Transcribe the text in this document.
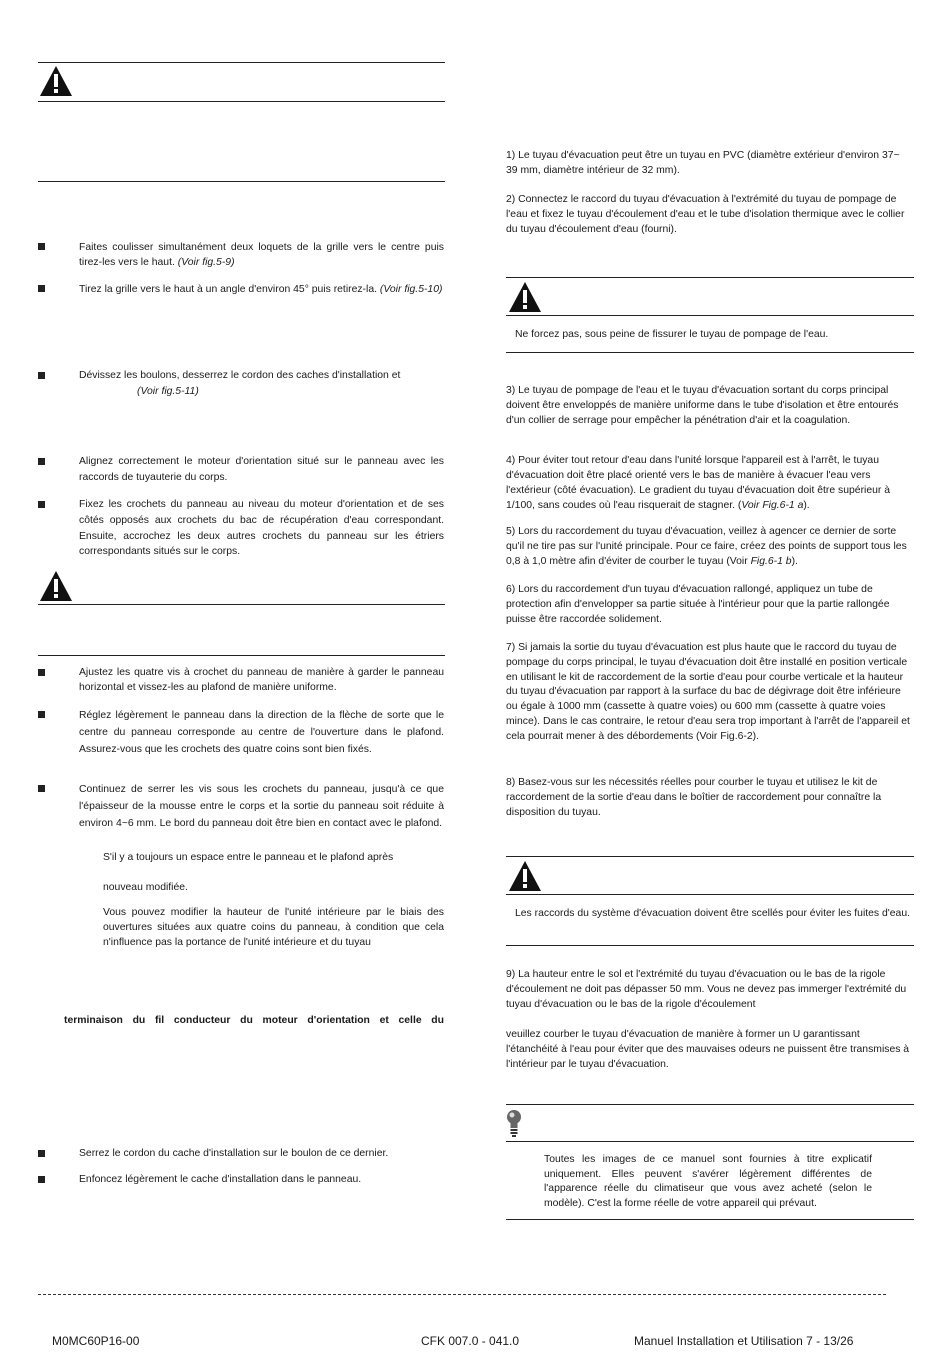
Faites coulisser simultanément deux loquets de la grille vers le centre puis tirez-les vers le haut. (Voir fig.5-9)
Tirez la grille vers le haut à un angle d'environ 45° puis retirez-la. (Voir fig.5-10)
Dévissez les boulons, desserrez le cordon des caches d'installation et
(Voir fig.5-11)
Alignez correctement le moteur d'orientation situé sur le panneau avec les raccords de tuyauterie du corps.
Fixez les crochets du panneau au niveau du moteur d'orientation et de ses côtés opposés aux crochets du bac de récupération d'eau correspondant. Ensuite, accrochez les deux autres crochets du panneau sur les étriers correspondants situés sur le corps.
Ajustez les quatre vis à crochet du panneau de manière à garder le panneau horizontal et vissez-les au plafond de manière uniforme.
Réglez légèrement le panneau dans la direction de la flèche de sorte que le centre du panneau corresponde au centre de l'ouverture dans le plafond. Assurez-vous que les crochets des quatre coins sont bien fixés.
Continuez de serrer les vis sous les crochets du panneau, jusqu'à ce que l'épaisseur de la mousse entre le corps et la sortie du panneau soit réduite à environ 4~6 mm. Le bord du panneau doit être bien en contact avec le plafond.
S'il y a toujours un espace entre le panneau et le plafond après
nouveau modifiée.
Vous pouvez modifier la hauteur de l'unité intérieure par le biais des ouvertures situées aux quatre coins du panneau, à condition que cela n'influence pas la portance de l'unité intérieure et du tuyau
terminaison du fil conducteur du moteur d'orientation et celle du
Serrez le cordon du cache d'installation sur le boulon de ce dernier.
Enfoncez légèrement le cache d'installation dans le panneau.
1) Le tuyau d'évacuation peut être un tuyau en PVC (diamètre extérieur d'environ 37~ 39 mm, diamètre intérieur de 32 mm).
2) Connectez le raccord du tuyau d'évacuation à l'extrémité du tuyau de pompage de l'eau et fixez le tuyau d'écoulement d'eau et le tube d'isolation thermique avec le collier du tuyau d'écoulement d'eau (fourni).
Ne forcez pas, sous peine de fissurer le tuyau de pompage de l'eau.
3) Le tuyau de pompage de l'eau et le tuyau d'évacuation sortant du corps principal doivent être enveloppés de manière uniforme dans le tube d'isolation et être entourés d'un collier de serrage pour empêcher la pénétration d'air et la coagulation.
4) Pour éviter tout retour d'eau dans l'unité lorsque l'appareil est à l'arrêt, le tuyau d'évacuation doit être placé orienté vers le bas de manière à évacuer l'eau vers l'extérieur (côté évacuation). Le gradient du tuyau d'évacuation doit être supérieur à 1/100, sans coudes où l'eau risquerait de stagner. (Voir Fig.6-1 a).
5) Lors du raccordement du tuyau d'évacuation, veillez à agencer ce dernier de sorte qu'il ne tire pas sur l'unité principale. Pour ce faire, créez des points de support tous les 0,8 à 1,0 mètre afin d'éviter de courber le tuyau (Voir Fig.6-1 b).
6) Lors du raccordement d'un tuyau d'évacuation rallongé, appliquez un tube de protection afin d'envelopper sa partie située à l'intérieur pour que la partie rallongée puisse être raccordée solidement.
7) Si jamais la sortie du tuyau d'évacuation est plus haute que le raccord du tuyau de pompage du corps principal, le tuyau d'évacuation doit être installé en position verticale en utilisant le kit de raccordement de la sortie d'eau pour courbe verticale et la hauteur du tuyau d'évacuation par rapport à la surface du bac de dégivrage doit être inférieure ou égale à 1000 mm (cassette à quatre voies) ou 600 mm (cassette à quatre voies mince). Dans le cas contraire, le retour d'eau sera trop important à l'arrêt de l'appareil et cela pourrait mener à des débordements (Voir Fig.6-2).
8) Basez-vous sur les nécessités réelles pour courber le tuyau et utilisez le kit de raccordement de la sortie d'eau dans le boîtier de raccordement pour connaître la disposition du tuyau.
Les raccords du système d'évacuation doivent être scellés pour éviter les fuites d'eau.
9) La hauteur entre le sol et l'extrémité du tuyau d'évacuation ou le bas de la rigole d'écoulement ne doit pas dépasser 50 mm. Vous ne devez pas immerger l'extrémité du tuyau d'évacuation ou le bas de la rigole d'écoulement
veuillez courber le tuyau d'évacuation de manière à former un U garantissant l'étanchéité à l'eau pour éviter que des mauvaises odeurs ne puissent être transmises à l'intérieur par le tuyau d'évacuation.
Toutes les images de ce manuel sont fournies à titre explicatif uniquement. Elles peuvent s'avérer légèrement différentes de l'apparence réelle du climatiseur que vous avez acheté (selon le modèle). C'est la forme réelle de votre appareil qui prévaut.
M0MC60P16-00	CFK 007.0 - 041.0	Manuel Installation et Utilisation 7 - 13/26
